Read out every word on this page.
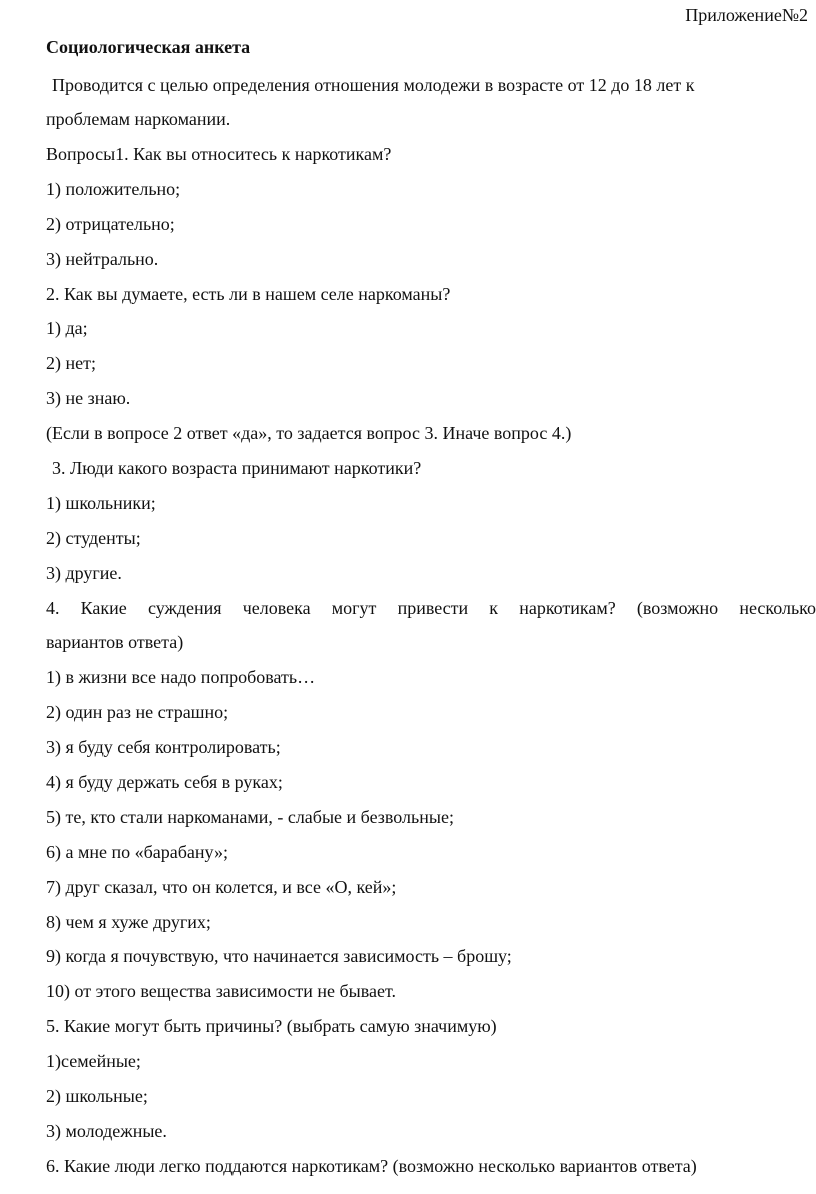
Приложение№2
Социологическая анкета
Проводится с целью определения отношения молодежи в возрасте от 12 до 18 лет к
проблемам наркомании.
Вопросы1. Как вы относитесь к наркотикам?
1) положительно;
2) отрицательно;
3) нейтрально.
2. Как вы думаете, есть ли в нашем селе наркоманы?
1) да;
2) нет;
3) не знаю.
(Если в вопросе 2 ответ «да», то задается вопрос 3. Иначе вопрос 4.)
3. Люди какого возраста принимают наркотики?
1) школьники;
2) студенты;
3) другие.
4. Какие суждения человека могут привести к наркотикам? (возможно несколько
вариантов ответа)
1) в жизни все надо попробовать…
2) один раз не страшно;
3) я буду себя контролировать;
4) я буду держать себя в руках;
5) те, кто стали наркоманами, - слабые и безвольные;
6) а мне по «барабану»;
7) друг сказал, что он колется, и все «О, кей»;
8) чем я хуже других;
9) когда я почувствую, что начинается зависимость – брошу;
10) от этого вещества зависимости не бывает.
5. Какие могут быть причины? (выбрать самую значимую)
1)семейные;
2) школьные;
3) молодежные.
6. Какие люди легко поддаются наркотикам? (возможно несколько вариантов ответа)
